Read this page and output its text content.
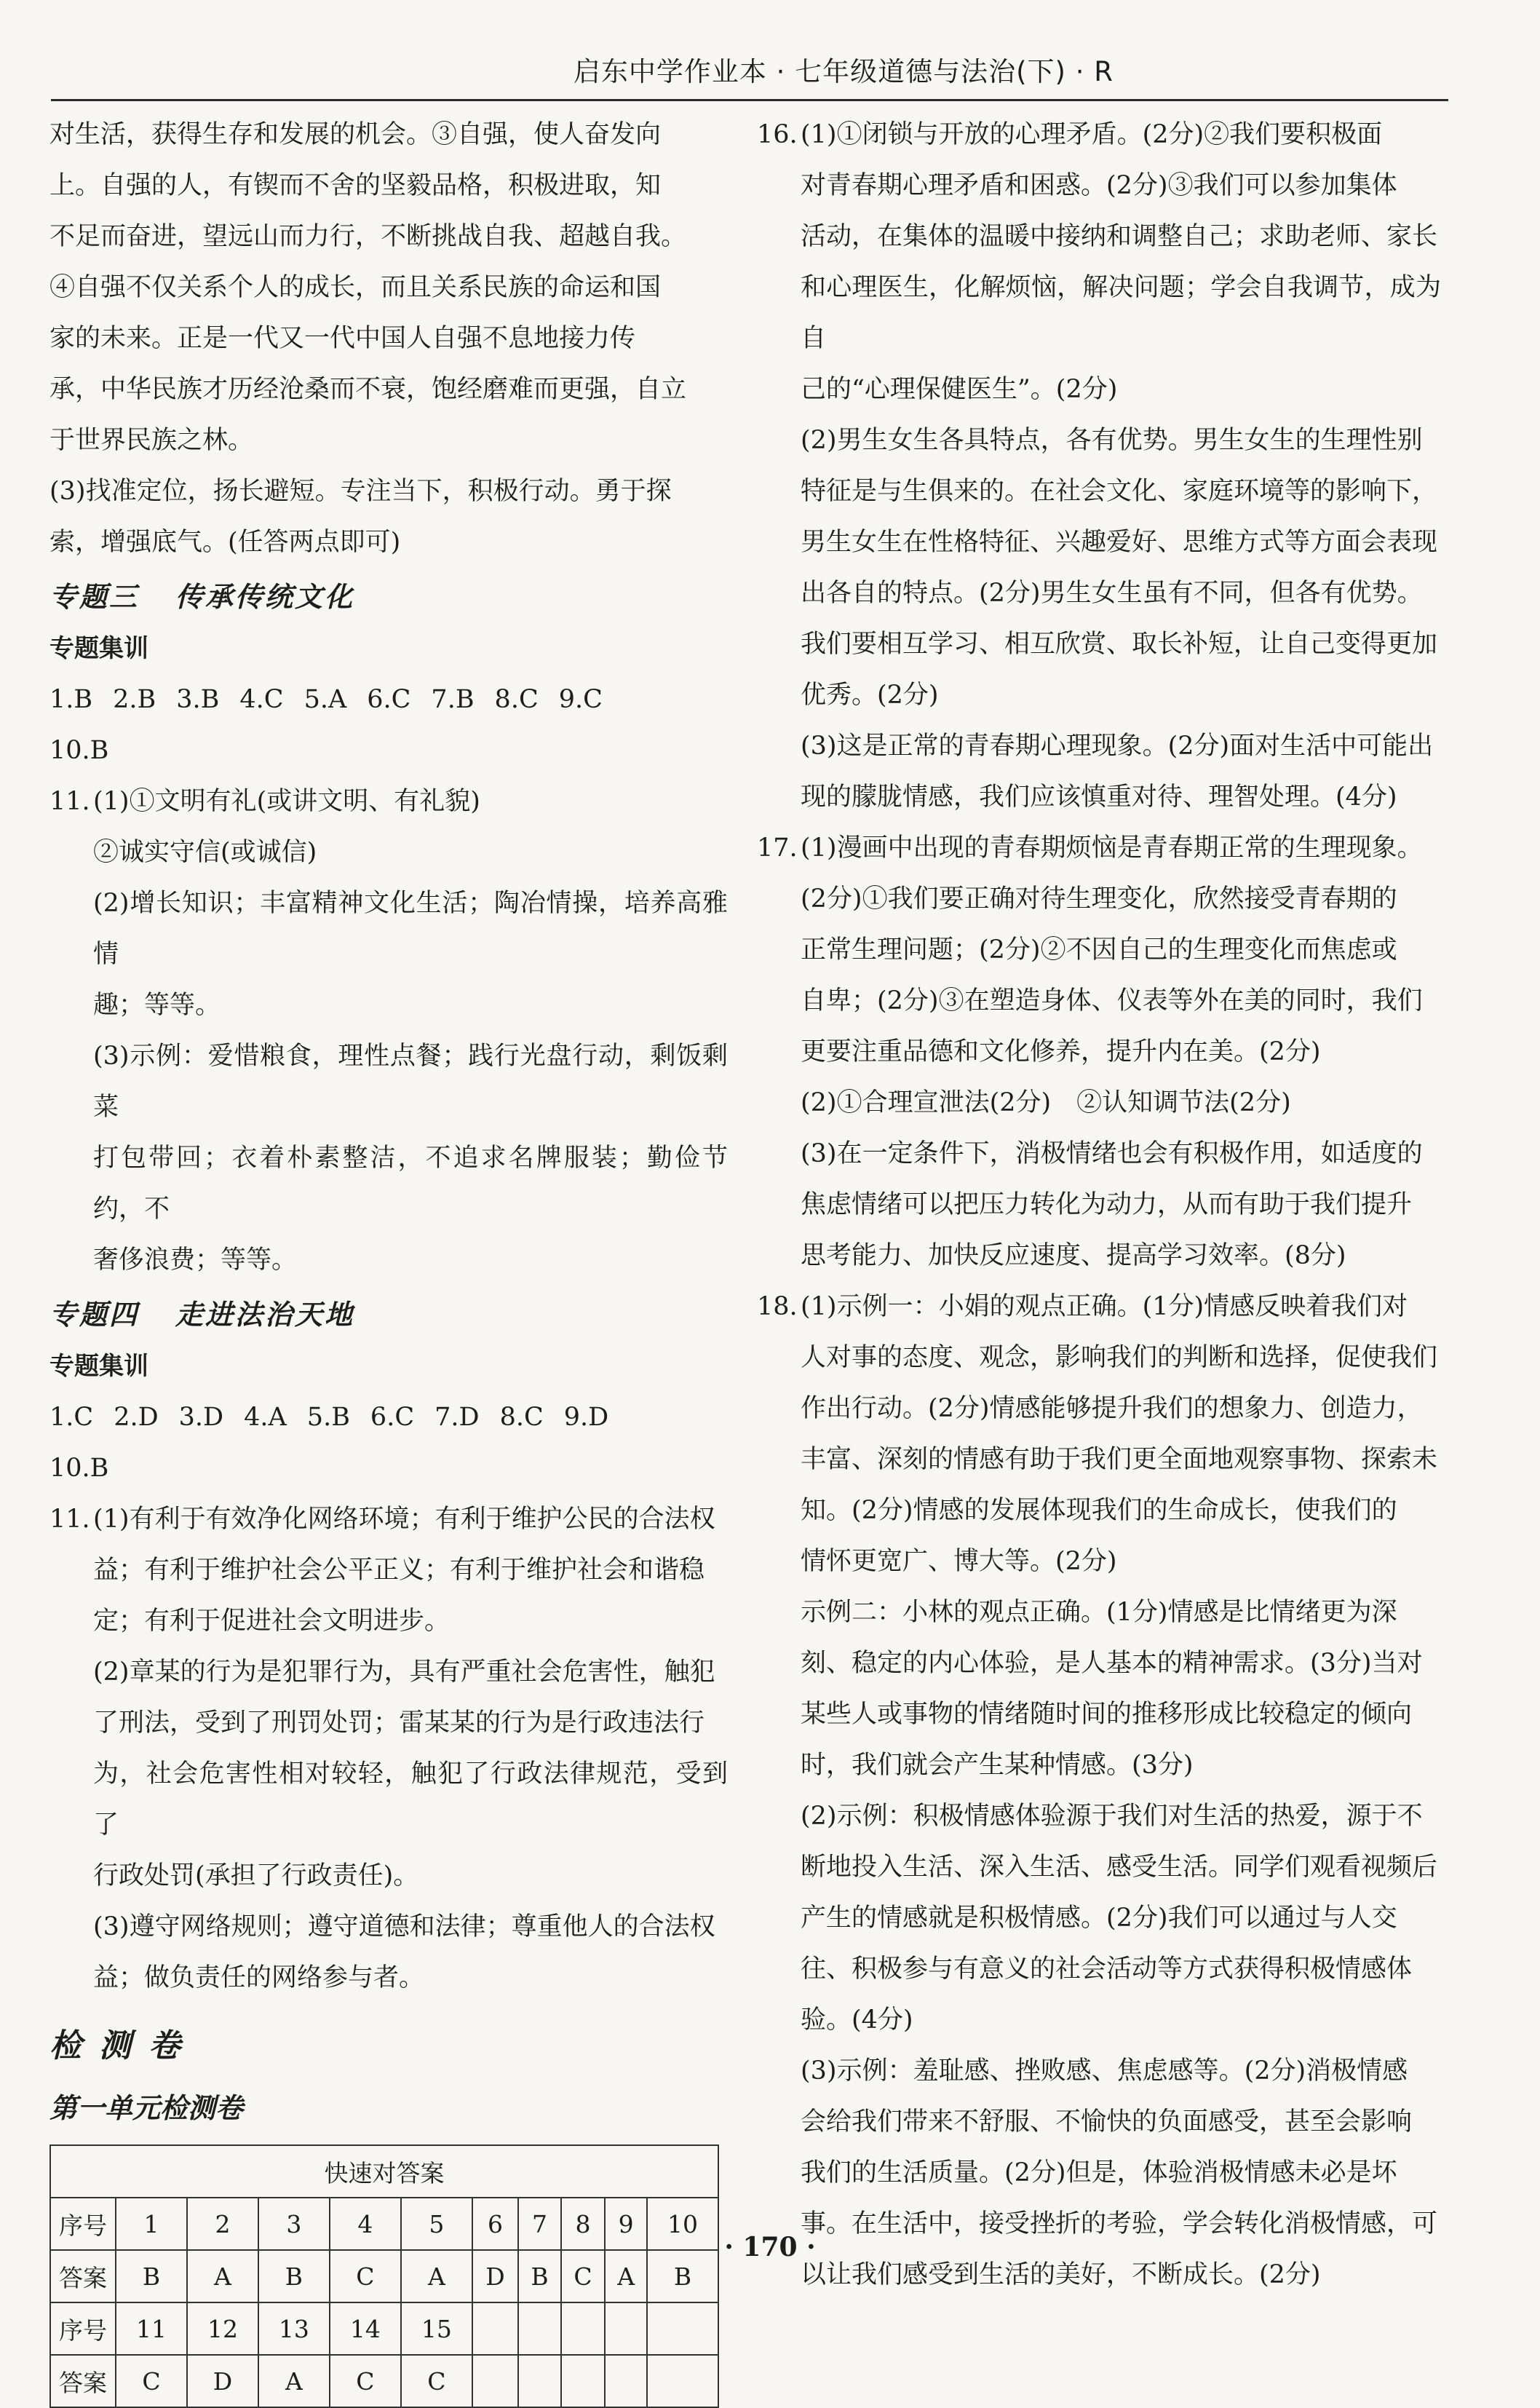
启东中学作业本 · 七年级道德与法治(下) · R

对生活，获得生存和发展的机会。③自强，使人奋发向

上。自强的人，有锲而不舍的坚毅品格，积极进取，知

不足而奋进，望远山而力行，不断挑战自我、超越自我。

④自强不仅关系个人的成长，而且关系民族的命运和国

家的未来。正是一代又一代中国人自强不息地接力传

承，中华民族才历经沧桑而不衰，饱经磨难而更强，自立

于世界民族之林。

(3)找准定位，扬长避短。专注当下，积极行动。勇于探

索，增强底气。(任答两点即可)

专题三 传承传统文化
专题集训
1.B 2.B 3.B 4.C 5.A 6.C 7.B 8.C 9.C
10.B
11. (1)①文明有礼(或讲文明、有礼貌)

②诚实守信(或诚信)

(2)增长知识；丰富精神文化生活；陶冶情操，培养高雅情

趣；等等。

(3)示例：爱惜粮食，理性点餐；践行光盘行动，剩饭剩菜

打包带回；衣着朴素整洁，不追求名牌服装；勤俭节约，不

奢侈浪费；等等。

专题四 走进法治天地
专题集训
1.C 2.D 3.D 4.A 5.B 6.C 7.D 8.C 9.D
10.B
11. (1)有利于有效净化网络环境；有利于维护公民的合法权

益；有利于维护社会公平正义；有利于维护社会和谐稳

定；有利于促进社会文明进步。

(2)章某的行为是犯罪行为，具有严重社会危害性，触犯

了刑法，受到了刑罚处罚；雷某某的行为是行政违法行

为，社会危害性相对较轻，触犯了行政法律规范，受到了

行政处罚(承担了行政责任)。

(3)遵守网络规则；遵守道德和法律；尊重他人的合法权

益；做负责任的网络参与者。

检测卷
第一单元检测卷
快速对答案										
序号	1	2	3	4	5	6	7	8	9	10
答案	B	A	B	C	A	D	B	C	A	B
序号	11	12	13	14	15					
答案	C	D	A	C	C					
16. (1)①闭锁与开放的心理矛盾。(2分)②我们要积极面

对青春期心理矛盾和困惑。(2分)③我们可以参加集体

活动，在集体的温暖中接纳和调整自己；求助老师、家长

和心理医生，化解烦恼，解决问题；学会自我调节，成为自

己的“心理保健医生”。(2分)

(2)男生女生各具特点，各有优势。男生女生的生理性别

特征是与生俱来的。在社会文化、家庭环境等的影响下，

男生女生在性格特征、兴趣爱好、思维方式等方面会表现

出各自的特点。(2分)男生女生虽有不同，但各有优势。

我们要相互学习、相互欣赏、取长补短，让自己变得更加

优秀。(2分)

(3)这是正常的青春期心理现象。(2分)面对生活中可能出

现的朦胧情感，我们应该慎重对待、理智处理。(4分)

17. (1)漫画中出现的青春期烦恼是青春期正常的生理现象。

(2分)①我们要正确对待生理变化，欣然接受青春期的

正常生理问题；(2分)②不因自己的生理变化而焦虑或

自卑；(2分)③在塑造身体、仪表等外在美的同时，我们

更要注重品德和文化修养，提升内在美。(2分)

(2)①合理宣泄法(2分)　②认知调节法(2分)

(3)在一定条件下，消极情绪也会有积极作用，如适度的

焦虑情绪可以把压力转化为动力，从而有助于我们提升

思考能力、加快反应速度、提高学习效率。(8分)

18. (1)示例一：小娟的观点正确。(1分)情感反映着我们对

人对事的态度、观念，影响我们的判断和选择，促使我们

作出行动。(2分)情感能够提升我们的想象力、创造力，

丰富、深刻的情感有助于我们更全面地观察事物、探索未

知。(2分)情感的发展体现我们的生命成长，使我们的

情怀更宽广、博大等。(2分)

示例二：小林的观点正确。(1分)情感是比情绪更为深

刻、稳定的内心体验，是人基本的精神需求。(3分)当对

某些人或事物的情绪随时间的推移形成比较稳定的倾向

时，我们就会产生某种情感。(3分)

(2)示例：积极情感体验源于我们对生活的热爱，源于不

断地投入生活、深入生活、感受生活。同学们观看视频后

产生的情感就是积极情感。(2分)我们可以通过与人交

往、积极参与有意义的社会活动等方式获得积极情感体

验。(4分)

(3)示例：羞耻感、挫败感、焦虑感等。(2分)消极情感

会给我们带来不舒服、不愉快的负面感受，甚至会影响

我们的生活质量。(2分)但是，体验消极情感未必是坏

事。在生活中，接受挫折的考验，学会转化消极情感，可

以让我们感受到生活的美好，不断成长。(2分)

· 170 ·
